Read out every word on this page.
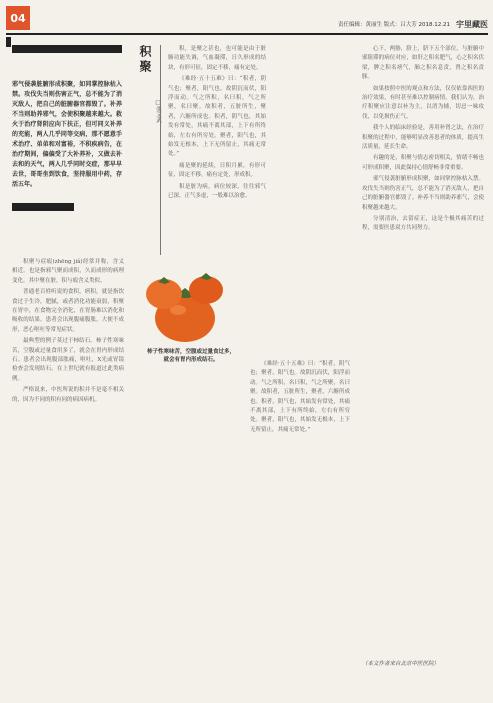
04
责任编辑：黄丽生 版式：吕大芳 2018.12.21 宇里藏医
邪气侵袭脏腑形成积聚，如同掌控脉枯入禁。攻伐失当则伤害正气，总不能为了消灭敌人，把自己的脏腑器官都毁了。补养不当则助养邪气，会使积聚越来越大。救火于治疗肾阴应向下扶正，但可同义补养的充能，两人几乎同等交病，那不愿意手术治疗、弟弟和对富裕，不积疾病告，在治疗期间，偏偏受了大补养补，又做去补去和的天气，两人几乎同时交症，那早早去世，哥哥坐到饮食，坚持服用中药，存活五年。
积聚
□张文武

积，是聚之甚也，也可能是由于脏腑功能失调，气血凝滞，日久形成的结块，有形可征，固定不移，痛有定处。

《难经·五十五难》曰：“积者，阴气也；聚者，阳气也。故阴沉而伏，阳浮而动。气之所积，名曰积，气之所聚，名曰聚。故积者，五脏所生，聚者，六腑所成也。积者，阴气也，其始发有常处，其痛不离其部，上下有所终始，左右有所穷处。聚者，阳气也，其始发无根本，上下无所留止，其痛无常处。”

痛是聚的延续，日积月累，有形可征，固定不移，痛有定处，形成积。

积是脏为病，病位较深，往往邪气已深，正气多虚，一般难以治愈。

柿子性寒味苦，空腹或过量食过多，就会有胃内形成结石。

积聚与症瘕(zhēng jiǎ)经常并称，含义相近。也是指邪气聚而成积，久而成形的病理变化。其中聚在脏，积与瘕含义类似。

普通老百姓听说的食积，痞积，就是指饮食过于生冷，肥腻，或者消化功能衰弱，积聚在胃中，在食物完全消化，在胃肠难以消化和吸收的结果。患者会出现腹痛腹胀，大便不成形，恶心呕吐等常见症状。

最典型的例子莫过于柿结石。柿子性寒味苦，空腹或过量食用多了，就会在胃内形成结石。患者会出现腹部胀痛，呕吐，X光或胃镜检查会发现结石。在上世纪就有报道过此类病例。

严格说来，中医所说的积并不是毫不相关的，因为不同的积有同的病因病机。

《难经·五十五难》曰：“积者，阴气也；聚者，阳气也。故阴沉而伏，阳浮而动。气之所积，名曰积，气之所聚，名曰聚。故积者，五脏所生，聚者，六腑所成也。积者，阴气也，其始发有常处，其痛不离其部，上下有所终始，左右有所穷处。聚者，阳气也，其始发无根本，上下无所留止，其痛无常处。”

心下，两胁，脐上，脐下五个部位，与脏腑中邪阻滞的病位对应，如肝之积名肥气，心之积名伏梁，脾之积名痞气，肺之积名息贲，肾之积名贲豚。

如果按照中医的观点和方法，仅仅依靠西医的治疗效果，有时甚至难以控制病情。我们认为，治疗积聚应注意以补为主，以消为辅，切忌一味攻伐，以免损伤正气。

我个人的临床经验是，善用补肾之法，在治疗积聚的过程中，能够明显改善患者的体质，提高生活质量，延长生命。

有趣的是，积聚与情志密切相关，情绪不畅也可形成积聚，因此保持心情舒畅非常重要。

邪气侵袭脏腑形成积聚，如同掌控脉枯入禁。攻伐失当则伤害正气，总不能为了消灭敌人，把自己的脏腑器官都毁了。补养不当则助养邪气，会使积聚越来越大。

分别清治，去留症正，这是个极其痛苦的过程，需要医患双方共同努力。

（本文作者来自北京中医医院）
